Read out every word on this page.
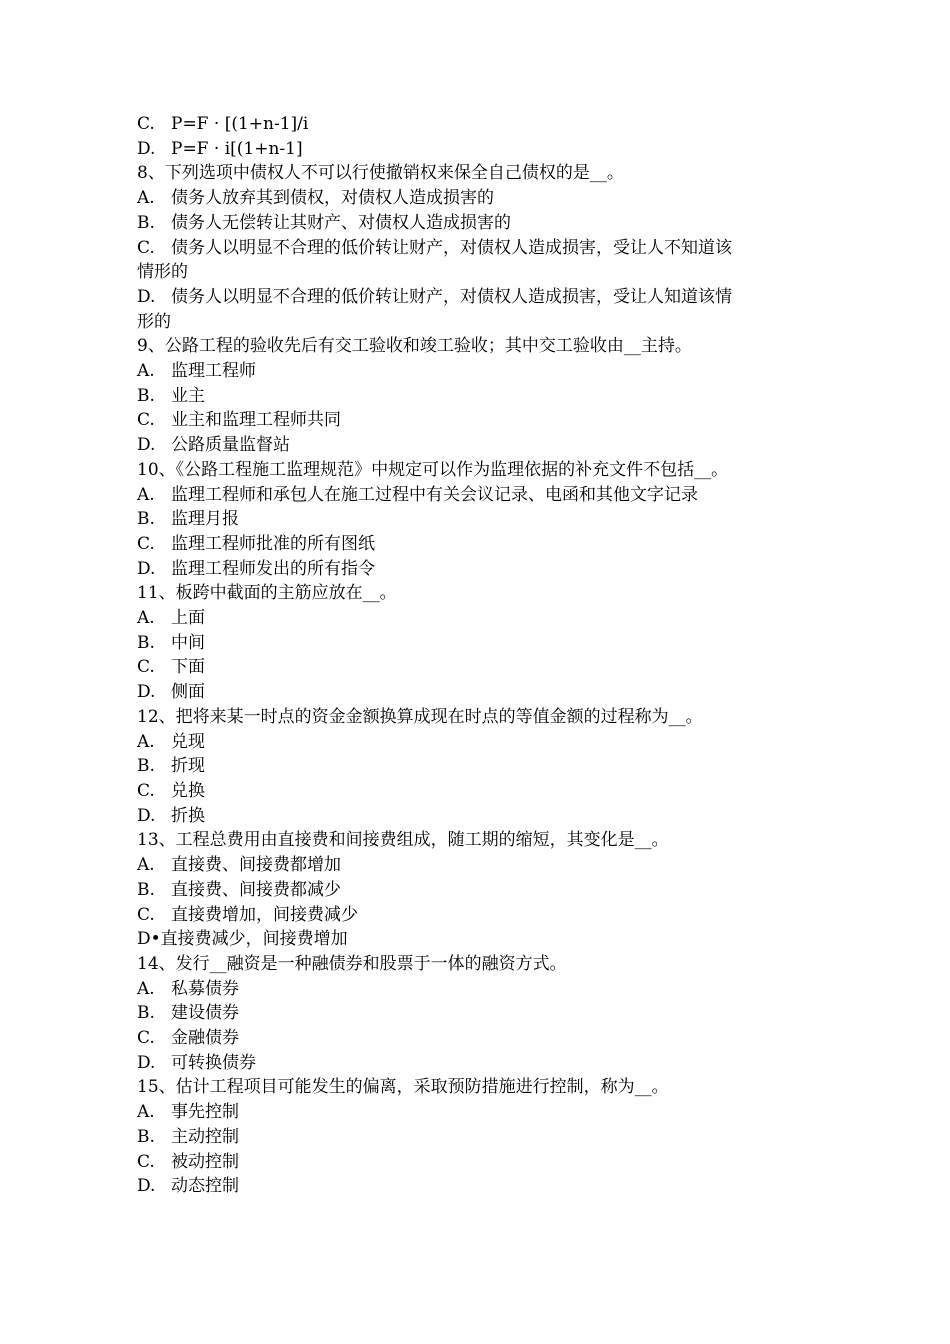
C. P=F · [(1+n-1]/i
D. P=F · i[(1+n-1]
8、下列选项中债权人不可以行使撤销权来保全自己债权的是__。
A. 债务人放弃其到债权，对债权人造成损害的
B. 债务人无偿转让其财产、对债权人造成损害的
C. 债务人以明显不合理的低价转让财产，对债权人造成损害，受让人不知道该
情形的
D. 债务人以明显不合理的低价转让财产，对债权人造成损害，受让人知道该情
形的
9、公路工程的验收先后有交工验收和竣工验收；其中交工验收由__主持。
A. 监理工程师
B. 业主
C. 业主和监理工程师共同
D. 公路质量监督站
10、《公路工程施工监理规范》中规定可以作为监理依据的补充文件不包括__。
A. 监理工程师和承包人在施工过程中有关会议记录、电函和其他文字记录
B. 监理月报
C. 监理工程师批准的所有图纸
D. 监理工程师发出的所有指令
11、板跨中截面的主筋应放在__。
A. 上面
B. 中间
C. 下面
D. 侧面
12、把将来某一时点的资金金额换算成现在时点的等值金额的过程称为__。
A. 兑现
B. 折现
C. 兑换
D. 折换
13、工程总费用由直接费和间接费组成，随工期的缩短，其变化是__。
A. 直接费、间接费都增加
B. 直接费、间接费都减少
C. 直接费增加，间接费减少
D•直接费减少，间接费增加
14、发行__融资是一种融债券和股票于一体的融资方式。
A. 私募债券
B. 建设债券
C. 金融债券
D. 可转换债券
15、估计工程项目可能发生的偏离，采取预防措施进行控制，称为__。
A. 事先控制
B. 主动控制
C. 被动控制
D. 动态控制
